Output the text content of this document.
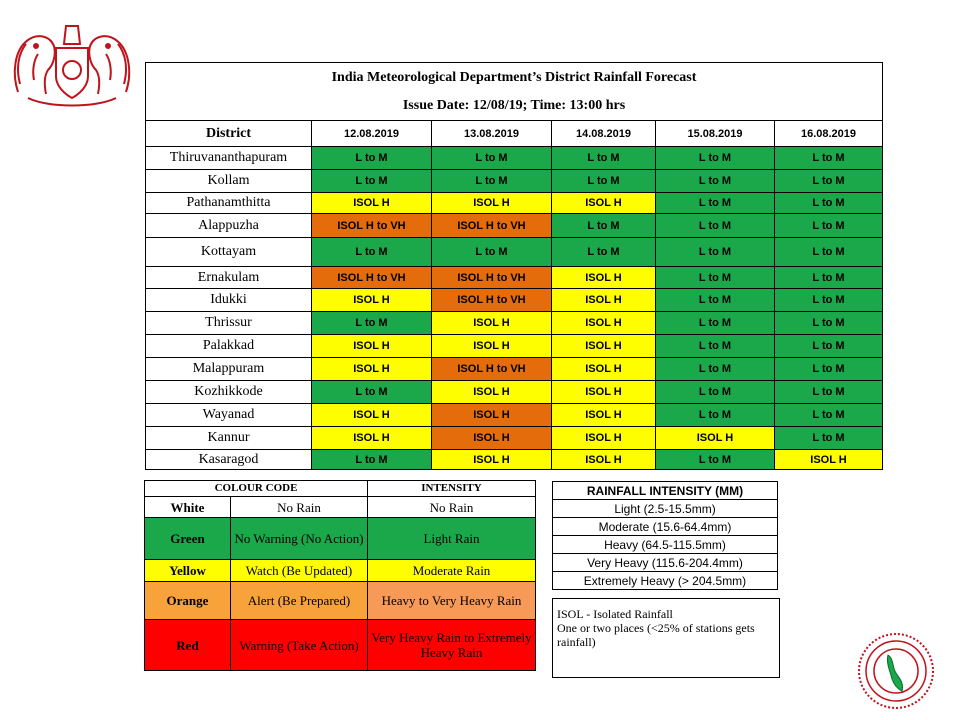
India Meteorological Department’s District Rainfall Forecast
Issue Date: 12/08/19; Time: 13:00 hrs					

District	12.08.2019	13.08.2019	14.08.2019	15.08.2019	16.08.2019
Thiruvananthapuram	L to M	L to M	L to M	L to M	L to M
Kollam	L to M	L to M	L to M	L to M	L to M
Pathanamthitta	ISOL H	ISOL H	ISOL H	L to M	L to M
Alappuzha	ISOL H to VH	ISOL H to VH	L to M	L to M	L to M
Kottayam	L to M	L to M	L to M	L to M	L to M
Ernakulam	ISOL H to VH	ISOL H to VH	ISOL H	L to M	L to M
Idukki	ISOL H	ISOL H to VH	ISOL H	L to M	L to M
Thrissur	L to M	ISOL H	ISOL H	L to M	L to M
Palakkad	ISOL H	ISOL H	ISOL H	L to M	L to M
Malappuram	ISOL H	ISOL H to VH	ISOL H	L to M	L to M
Kozhikkode	L to M	ISOL H	ISOL H	L to M	L to M
Wayanad	ISOL H	ISOL H	ISOL H	L to M	L to M
Kannur	ISOL H	ISOL H	ISOL H	ISOL H	L to M
Kasaragod	L to M	ISOL H	ISOL H	L to M	ISOL H
COLOUR CODE		INTENSITY
White	No Rain	No Rain
Green	No Warning (No Action)	Light Rain
Yellow	Watch (Be Updated)	Moderate Rain
Orange	Alert (Be Prepared)	Heavy to Very Heavy Rain
Red	Warning (Take Action)	Very Heavy Rain to Extremely Heavy Rain
RAINFALL INTENSITY (MM)
Light (2.5-15.5mm)
Moderate (15.6-64.4mm)
Heavy (64.5-115.5mm)
Very Heavy (115.6-204.4mm)
Extremely Heavy (> 204.5mm)
ISOL - Isolated Rainfall
One or two places (<25% of stations gets rainfall)
